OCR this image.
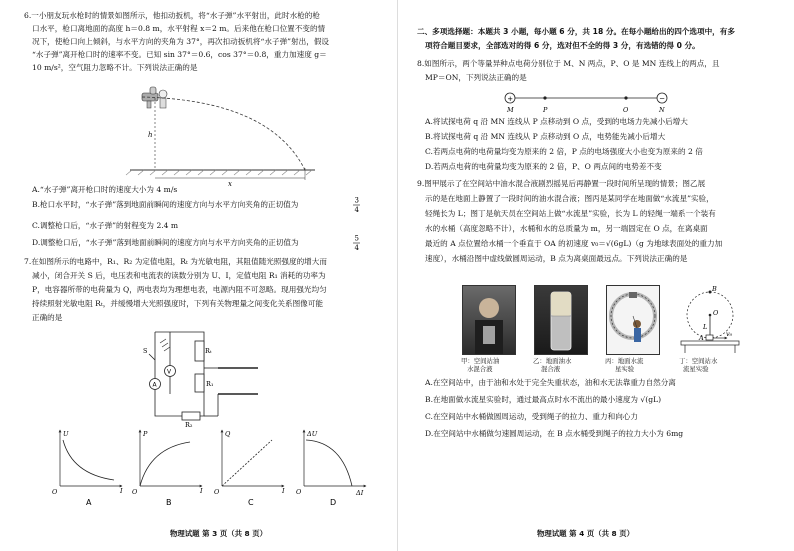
6.一小朋友玩水枪时的情景如图所示，他扣动扳机，将“水子弹”水平射出，此时水枪的枪
口水平，枪口离地面的高度 h＝0.8 m，水平射程 x＝2 m。后来他在枪口位置不变的情
况下，使枪口向上倾斜，与水平方向的夹角为 37°，再次扣动扳机将“水子弹”射出，假设
“水子弹”离开枪口时的速率不变。已知 sin 37°＝0.6，cos 37°＝0.8，重力加速度 g＝
10 m/s²，空气阻力忽略不计。下列说法正确的是
h
x
A.“水子弹”离开枪口时的速度大小为 4 m/s
B.枪口水平时，“水子弹”落到地面前瞬间的速度方向与水平方向夹角的正切值为	3
4
C.调整枪口后，“水子弹”的射程变为 2.4 m
D.调整枪口后，“水子弹”落到地面前瞬间的速度方向与水平方向夹角的正切值为	5
4
7.在如图所示的电路中，R₁、R₂ 为定值电阻，Rₜ 为光敏电阻，其阻值随光照强度的增大而
减小，闭合开关 S 后，电压表和电流表的读数分别为 U、I，定值电阻 R₁ 消耗的功率为
P，电容器所带的电荷量为 Q，两电表均为理想电表，电源内阻不可忽略。现用强光均匀
持续照射光敏电阻 Rₜ，并缓慢增大光照强度时，下列有关物理量之间变化关系图像可能
正确的是
Rₜ
R₁
R₂
S
V
A
U
I
O
A
P
I
O
B
Q
I
O
C
ΔU
ΔI
O
D
物理试题 第 3 页（共 8 页）
二、多项选择题：本题共 3 小题，每小题 6 分，共 18 分。在每小题给出的四个选项中，有多
项符合题目要求，全部选对的得 6 分，选对但不全的得 3 分，有选错的得 0 分。
8.如图所示，两个等量异种点电荷分别位于 M、N 两点，P、O 是 MN 连线上的两点，且
MP＝ON，下列说法正确的是
+	−
M	P	O	N
A.将试探电荷 q 沿 MN 连线从 P 点移动到 O 点，受到的电场力先减小后增大
B.将试探电荷 q 沿 MN 连线从 P 点移动到 O 点，电势能先减小后增大
C.若两点电荷的电荷量均变为原来的 2 倍，P 点的电场强度大小也变为原来的 2 倍
D.若两点电荷的电荷量均变为原来的 2 倍，P、O 两点间的电势差不变
9.图甲展示了在空间站中油水混合液剧烈摇晃后再静置一段时间所呈现的情景；图乙展
示的是在地面上静置了一段时间的油水混合液；图丙是某同学在地面做“水流星”实验，
轻绳长为 L；图丁是航天员在空间站上做“水流星”实验，长为 L 的轻绳一端系一个装有
水的水桶（高度忽略不计），水桶和水的总质量为 m，另一端固定在 O 点，在离桌面
最近的 A 点位置给水桶一个垂直于 OA 的初速度 v₀＝√(6gL)（g 为地球表面处的重力加
速度），水桶沿图中虚线做圆周运动，B 点为离桌面最远点。下列说法正确的是
B
O
L
A	v₀
甲：空间站油
水混合液
乙：地面油水
混合液
丙：地面水流
星实验
丁：空间站水
流星实验
A.在空间站中，由于油和水处于完全失重状态，油和水无法靠重力自然分离
B.在地面做水流星实验时，通过最高点时水不流出的最小速度为 √(gL)
C.在空间站中水桶做圆周运动，受到绳子的拉力、重力和向心力
D.在空间站中水桶做匀速圆周运动，在 B 点水桶受到绳子的拉力大小为 6mg
物理试题 第 4 页（共 8 页）
